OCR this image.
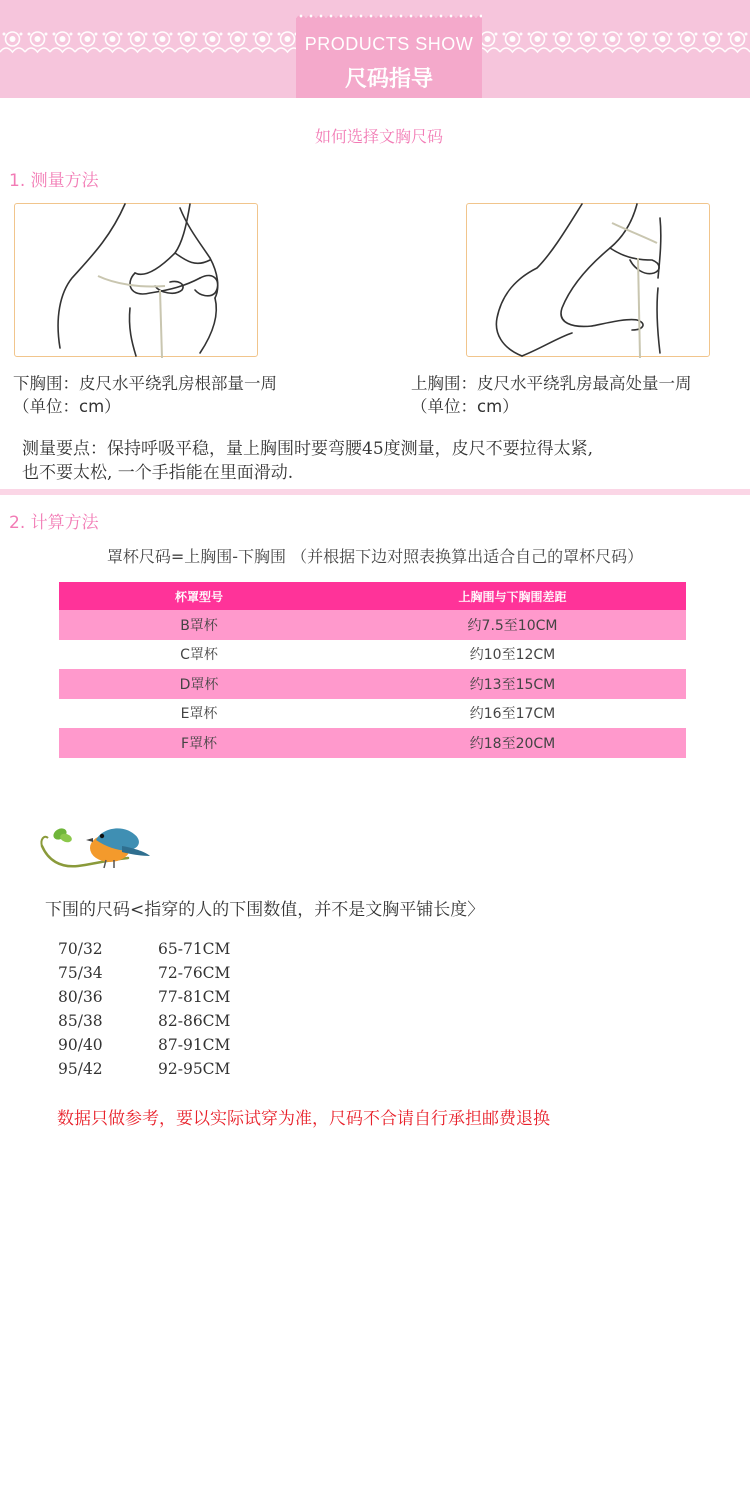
PRODUCTS SHOW
尺码指导
如何选择文胸尺码
1. 测量方法
下胸围：皮尺水平绕乳房根部量一周
（单位：cm）
上胸围：皮尺水平绕乳房最高处量一周
（单位：cm）
测量要点：保持呼吸平稳，量上胸围时要弯腰45度测量，皮尺不要拉得太紧,
也不要太松, 一个手指能在里面滑动.
2. 计算方法
罩杯尺码=上胸围-下胸围 （并根据下边对照表换算出适合自己的罩杯尺码）
杯罩型号	上胸围与下胸围差距
B罩杯	约7.5至10CM
C罩杯	约10至12CM
D罩杯	约13至15CM
E罩杯	约16至17CM
F罩杯	约18至20CM
下围的尺码<指穿的人的下围数值，并不是文胸平铺长度〉
70/32	65-71CM
75/34	72-76CM
80/36	77-81CM
85/38	82-86CM
90/40	87-91CM
95/42	92-95CM
数据只做参考，要以实际试穿为准，尺码不合请自行承担邮费退换
